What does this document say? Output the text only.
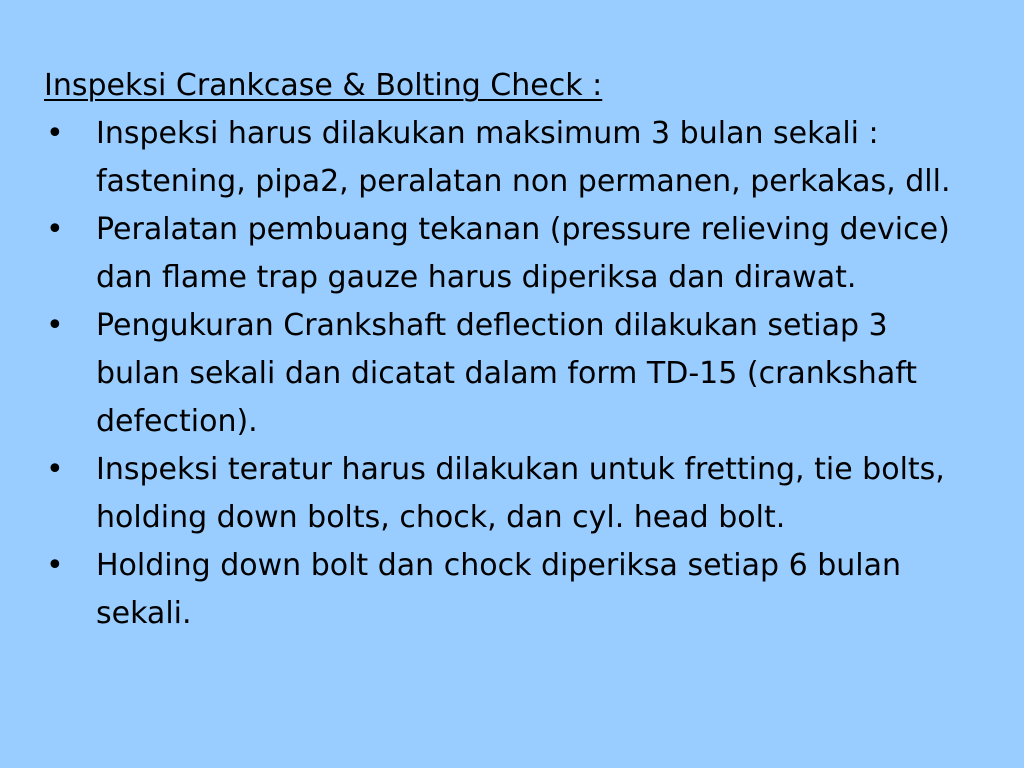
Inspeksi Crankcase & Bolting Check :
• Inspeksi harus dilakukan maksimum 3 bulan sekali : fastening, pipa2, peralatan non permanen, perkakas, dll.
• Peralatan pembuang tekanan (pressure relieving device) dan flame trap gauze harus diperiksa dan dirawat.
• Pengukuran Crankshaft deflection dilakukan setiap 3 bulan sekali dan dicatat dalam form TD-15 (crankshaft defection).
• Inspeksi teratur harus dilakukan untuk fretting, tie bolts, holding down bolts, chock, dan cyl. head bolt.
• Holding down bolt dan chock diperiksa setiap 6 bulan sekali.
